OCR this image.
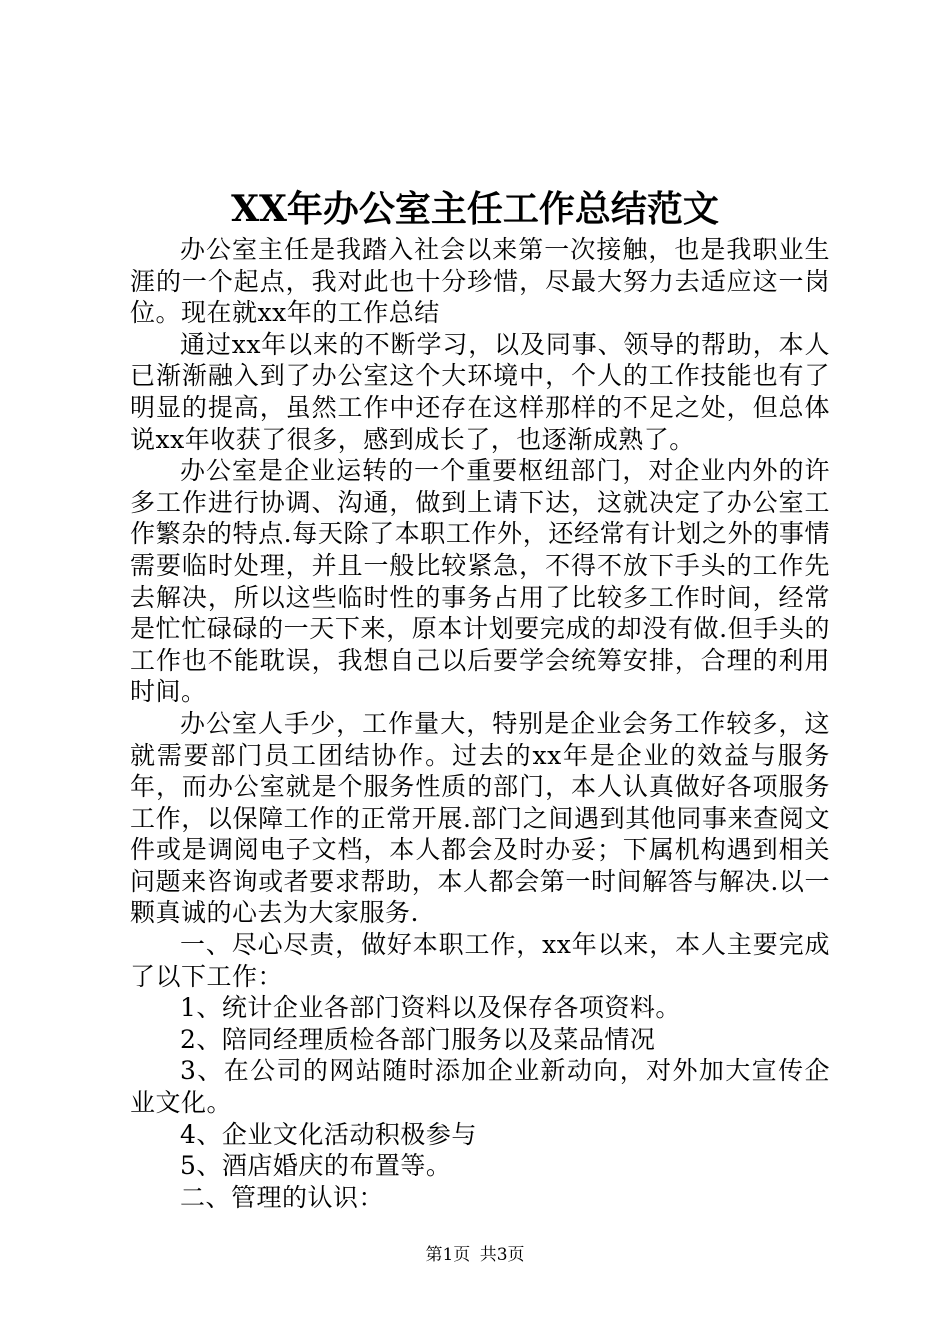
XX年办公室主任工作总结范文

办公室主任是我踏入社会以来第一次接触，也是我职业生涯的一个起点，我对此也十分珍惜，尽最大努力去适应这一岗位。现在就xx年的工作总结

通过xx年以来的不断学习，以及同事、领导的帮助，本人已渐渐融入到了办公室这个大环境中，个人的工作技能也有了明显的提高，虽然工作中还存在这样那样的不足之处，但总体说xx年收获了很多，感到成长了，也逐渐成熟了。

办公室是企业运转的一个重要枢纽部门，对企业内外的许多工作进行协调、沟通，做到上请下达，这就决定了办公室工作繁杂的特点.每天除了本职工作外，还经常有计划之外的事情需要临时处理，并且一般比较紧急，不得不放下手头的工作先去解决，所以这些临时性的事务占用了比较多工作时间，经常是忙忙碌碌的一天下来，原本计划要完成的却没有做.但手头的工作也不能耽误，我想自己以后要学会统筹安排，合理的利用时间。

办公室人手少，工作量大，特别是企业会务工作较多，这就需要部门员工团结协作。过去的xx年是企业的效益与服务年，而办公室就是个服务性质的部门，本人认真做好各项服务工作，以保障工作的正常开展.部门之间遇到其他同事来查阅文件或是调阅电子文档，本人都会及时办妥；下属机构遇到相关问题来咨询或者要求帮助，本人都会第一时间解答与解决.以一颗真诚的心去为大家服务.

一、尽心尽责，做好本职工作，xx年以来，本人主要完成了以下工作：

1、统计企业各部门资料以及保存各项资料。

2、陪同经理质检各部门服务以及菜品情况

3、在公司的网站随时添加企业新动向，对外加大宣传企业文化。

4、企业文化活动积极参与

5、酒店婚庆的布置等。

二、管理的认识：

第1页 共3页
